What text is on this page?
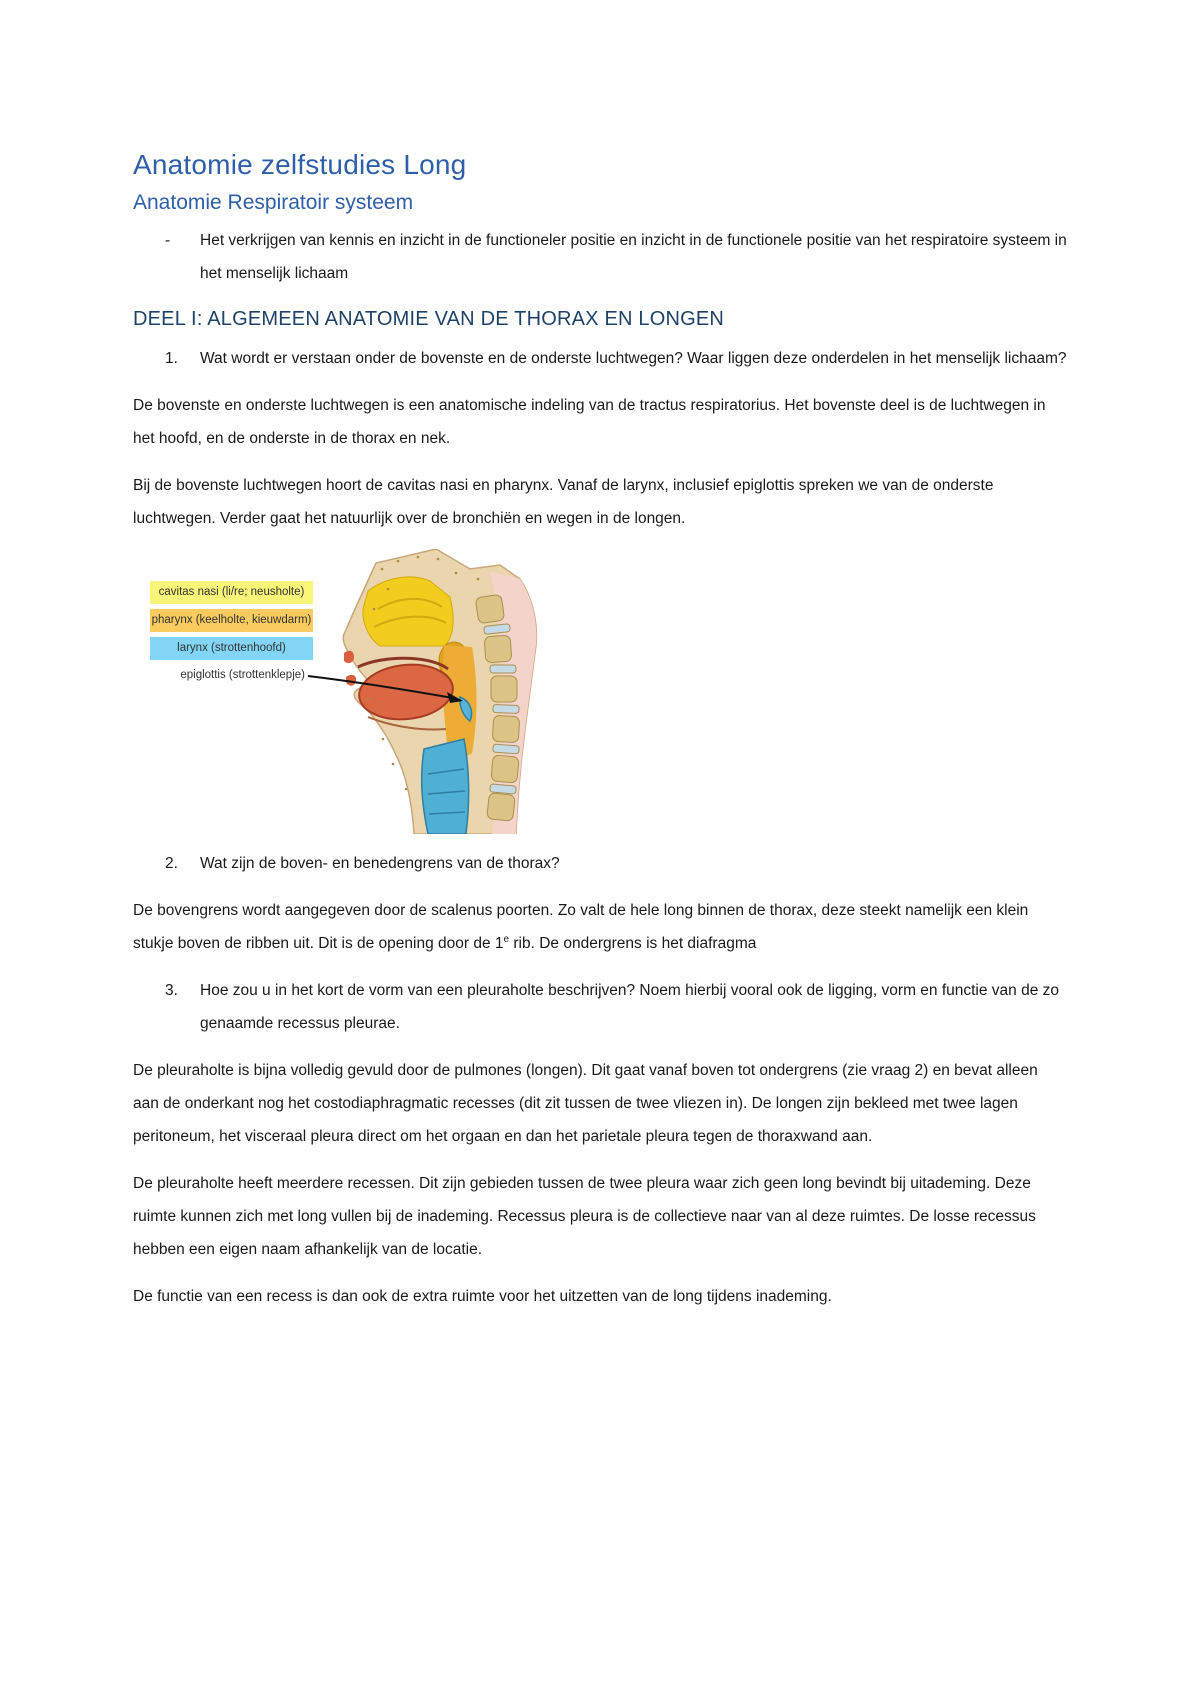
Anatomie zelfstudies Long
Anatomie Respiratoir systeem
-	Het verkrijgen van kennis en inzicht in de functioneler positie en inzicht in de functionele positie van het respiratoire systeem in het menselijk lichaam
DEEL I: ALGEMEEN ANATOMIE VAN DE THORAX EN LONGEN
1.	Wat wordt er verstaan onder de bovenste en de onderste luchtwegen? Waar liggen deze onderdelen in het menselijk lichaam?

De bovenste en onderste luchtwegen is een anatomische indeling van de tractus respiratorius. Het bovenste deel is de luchtwegen in het hoofd, en de onderste in de thorax en nek.

Bij de bovenste luchtwegen hoort de cavitas nasi en pharynx. Vanaf de larynx, inclusief epiglottis spreken we van de onderste luchtwegen. Verder gaat het natuurlijk over de bronchiën en wegen in de longen.

cavitas nasi (li/re; neusholte)
pharynx (keelholte, kieuwdarm)
larynx (strottenhoofd)
epiglottis (strottenklepje)
2.	Wat zijn de boven- en benedengrens van de thorax?

De bovengrens wordt aangegeven door de scalenus poorten. Zo valt de hele long binnen de thorax, deze steekt namelijk een klein stukje boven de ribben uit. Dit is de opening door de 1e rib. De ondergrens is het diafragma

3.	Hoe zou u in het kort de vorm van een pleuraholte beschrijven? Noem hierbij vooral ook de ligging, vorm en functie van de zo genaamde recessus pleurae.

De pleuraholte is bijna volledig gevuld door de pulmones (longen). Dit gaat vanaf boven tot ondergrens (zie vraag 2) en bevat alleen aan de onderkant nog het costodiaphragmatic recesses (dit zit tussen de twee vliezen in). De longen zijn bekleed met twee lagen peritoneum, het visceraal pleura direct om het orgaan en dan het parietale pleura tegen de thoraxwand aan.

De pleuraholte heeft meerdere recessen. Dit zijn gebieden tussen de twee pleura waar zich geen long bevindt bij uitademing. Deze ruimte kunnen zich met long vullen bij de inademing. Recessus pleura is de collectieve naar van al deze ruimtes. De losse recessus hebben een eigen naam afhankelijk van de locatie.

De functie van een recess is dan ook de extra ruimte voor het uitzetten van de long tijdens inademing.
